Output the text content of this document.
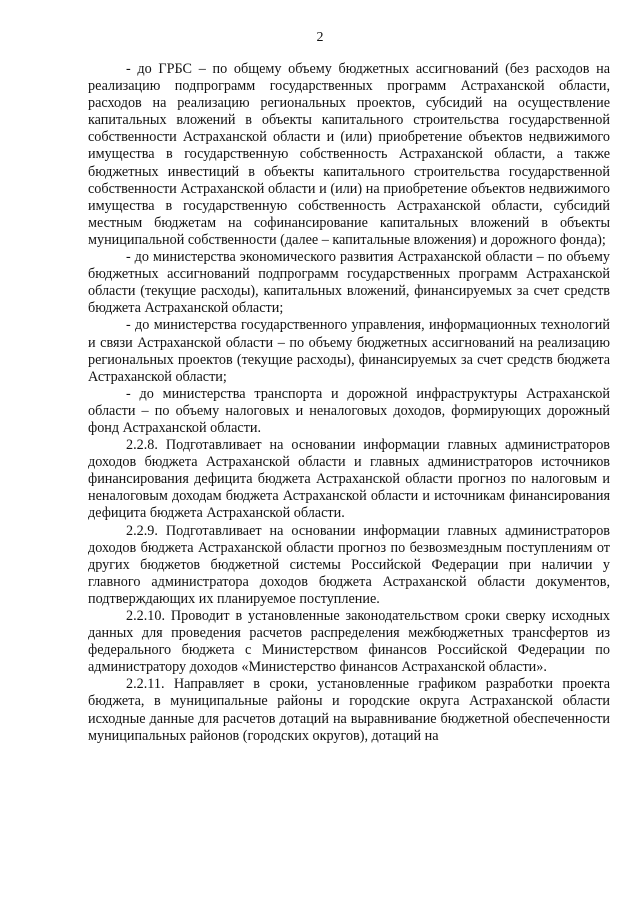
2

- до ГРБС – по общему объему бюджетных ассигнований (без расходов на реализацию подпрограмм государственных программ Астраханской области, расходов на реализацию региональных проектов, субсидий на осуществление капитальных вложений в объекты капитального строительства государственной собственности Астраханской области и (или) приобретение объектов недвижимого имущества в государственную собственность Астраханской области, а также бюджетных инвестиций в объекты капитального строительства государственной собственности Астраханской области и (или) на приобретение объектов недвижимого имущества в государственную собственность Астраханской области, субсидий местным бюджетам на софинансирование капитальных вложений в объекты муниципальной собственности (далее – капитальные вложения) и дорожного фонда);

- до министерства экономического развития Астраханской области – по объему бюджетных ассигнований подпрограмм государственных программ Астраханской области (текущие расходы), капитальных вложений, финансируемых за счет средств бюджета Астраханской области;

- до министерства государственного управления, информационных технологий и связи Астраханской области – по объему бюджетных ассигнований на реализацию региональных проектов (текущие расходы), финансируемых за счет средств бюджета Астраханской области;

- до министерства транспорта и дорожной инфраструктуры Астраханской области – по объему налоговых и неналоговых доходов, формирующих дорожный фонд Астраханской области.

2.2.8. Подготавливает на основании информации главных администраторов доходов бюджета Астраханской области и главных администраторов источников финансирования дефицита бюджета Астраханской области прогноз по налоговым и неналоговым доходам бюджета Астраханской области и источникам финансирования дефицита бюджета Астраханской области.

2.2.9. Подготавливает на основании информации главных администраторов доходов бюджета Астраханской области прогноз по безвозмездным поступлениям от других бюджетов бюджетной системы Российской Федерации при наличии у главного администратора доходов бюджета Астраханской области документов, подтверждающих их планируемое поступление.

2.2.10. Проводит в установленные законодательством сроки сверку исходных данных для проведения расчетов распределения межбюджетных трансфертов из федерального бюджета с Министерством финансов Российской Федерации по администратору доходов «Министерство финансов Астраханской области».

2.2.11. Направляет в сроки, установленные графиком разработки проекта бюджета, в муниципальные районы и городские округа Астраханской области исходные данные для расчетов дотаций на выравнивание бюджетной обеспеченности муниципальных районов (городских округов), дотаций на
